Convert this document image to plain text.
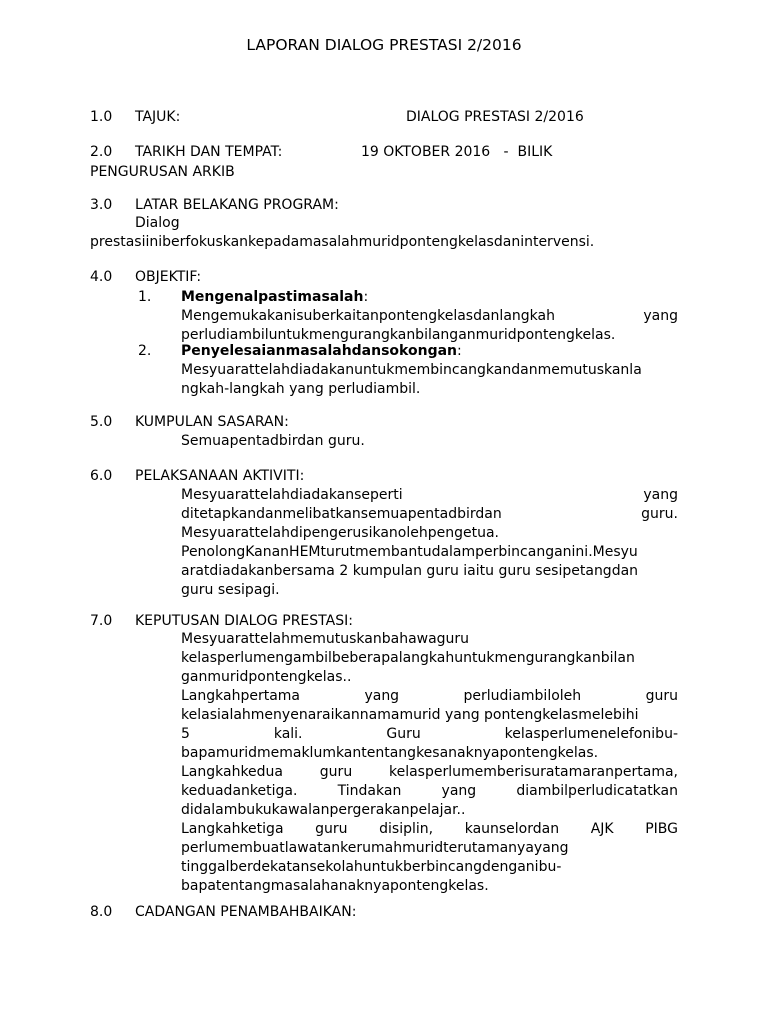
LAPORAN DIALOG PRESTASI 2/2016
1.0 TAJUK:	DIALOG PRESTASI 2/2016
2.0 TARIKH DAN TEMPAT:	19 OKTOBER 2016   -  BILIK
PENGURUSAN ARKIB
3.0 LATAR BELAKANG PROGRAM:
Dialog
prestasiiniberfokuskankepadamasalahmuridpontengkelasdanintervensi.
4.0 OBJEKTIF:
1. Mengenalpastimasalah:
Mengemukakanisuberkaitanpontengkelasdanlangkah yang
perludiambiluntukmengurangkanbilanganmuridpontengkelas.
2. Penyelesaianmasalahdansokongan:
Mesyuarattelahdiadakanuntukmembincangkandanmemutuskanla
ngkah-langkah yang perludiambil.
5.0 KUMPULAN SASARAN:
Semuapentadbirdan guru.
6.0 PELAKSANAAN AKTIVITI:
Mesyuarattelahdiadakanseperti yang
ditetapkandanmelibatkansemuapentadbirdan guru.
Mesyuarattelahdipengerusikanolehpengetua.
PenolongKananHEMturutmembantudalamperbincanganini.Mesyu
aratdiadakanbersama 2 kumpulan guru iaitu guru sesipetangdan
guru sesipagi.
7.0 KEPUTUSAN DIALOG PRESTASI:
Mesyuarattelahmemutuskanbahawaguru
kelasperlumengambilbeberapalangkahuntukmengurangkanbilan
ganmuridpontengkelas..
Langkahpertama yang perludiambiloleh guru
kelasialahmenyenaraikannamamurid yang pontengkelasmelebihi
5 kali. Guru kelasperlumenelefonibu-
bapamuridmemaklumkantentangkesanaknyapontengkelas.
Langkahkedua guru kelasperlumemberisuratamaranpertama,
keduadanketiga. Tindakan yang diambilperludicatatkan
didalambukukawalanpergerakanpelajar..
Langkahketiga guru disiplin, kaunselordan AJK PIBG
perlumembuatlawatankerumahmuridterutamanyayang
tinggalberdekatansekolahuntukberbincangdenganibu-
bapatentangmasalahanaknyapontengkelas.
8.0 CADANGAN PENAMBAHBAIKAN:
